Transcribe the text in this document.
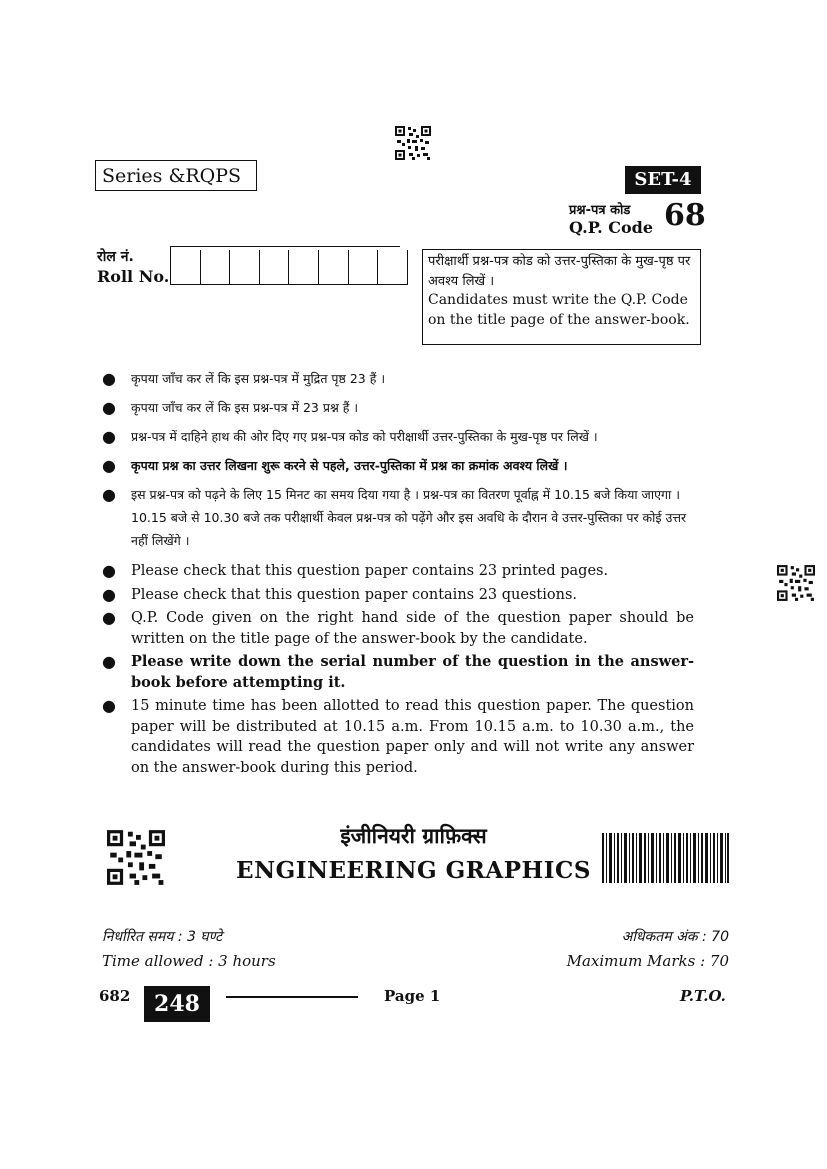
Series &RQPS	SET-4
प्रश्न-पत्र कोड
Q.P. Code 68
रोल नं.
Roll No.
परीक्षार्थी प्रश्न-पत्र कोड को उत्तर-पुस्तिका के मुख-पृष्ठ पर अवश्य लिखें ।
Candidates must write the Q.P. Code on the title page of the answer-book.
● कृपया जाँच कर लें कि इस प्रश्न-पत्र में मुद्रित पृष्ठ 23 हैं ।
● कृपया जाँच कर लें कि इस प्रश्न-पत्र में 23 प्रश्न हैं ।
● प्रश्न-पत्र में दाहिने हाथ की ओर दिए गए प्रश्न-पत्र कोड को परीक्षार्थी उत्तर-पुस्तिका के मुख-पृष्ठ पर लिखें ।
● कृपया प्रश्न का उत्तर लिखना शुरू करने से पहले, उत्तर-पुस्तिका में प्रश्न का क्रमांक अवश्य लिखें ।
● इस प्रश्न-पत्र को पढ़ने के लिए 15 मिनट का समय दिया गया है । प्रश्न-पत्र का वितरण पूर्वाह्न में 10.15 बजे किया जाएगा । 10.15 बजे से 10.30 बजे तक परीक्षार्थी केवल प्रश्न-पत्र को पढ़ेंगे और इस अवधि के दौरान वे उत्तर-पुस्तिका पर कोई उत्तर नहीं लिखेंगे ।
● Please check that this question paper contains 23 printed pages.
● Please check that this question paper contains 23 questions.
● Q.P. Code given on the right hand side of the question paper should be written on the title page of the answer-book by the candidate.
● Please write down the serial number of the question in the answer-book before attempting it.
● 15 minute time has been allotted to read this question paper. The question paper will be distributed at 10.15 a.m. From 10.15 a.m. to 10.30 a.m., the candidates will read the question paper only and will not write any answer on the answer-book during this period.
इंजीनियरी ग्राफ़िक्स
ENGINEERING GRAPHICS
निर्धारित समय : 3 घण्टे
Time allowed : 3 hours
अधिकतम अंक : 70
Maximum Marks : 70
682	248	Page 1	P.T.O.
